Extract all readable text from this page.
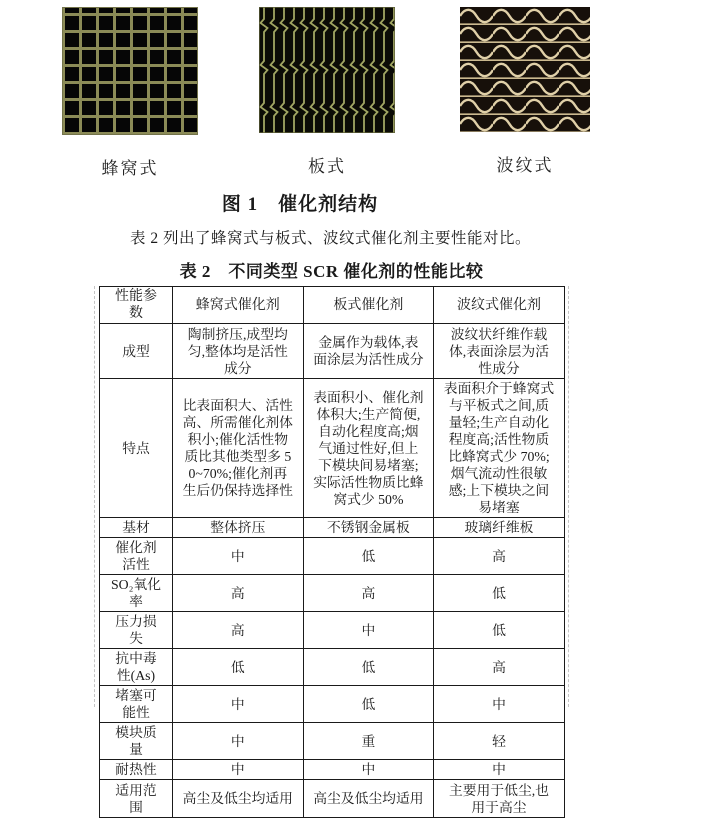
蜂窝式	板式	波纹式
图 1　催化剂结构

表 2 列出了蜂窝式与板式、波纹式催化剂主要性能对比。

表 2　不同类型 SCR 催化剂的性能比较
性能参数	蜂窝式催化剂	板式催化剂	波纹式催化剂
成型	陶制挤压,成型均匀,整体均是活性成分	金属作为载体,表面涂层为活性成分	波纹状纤维作载体,表面涂层为活性成分
特点	比表面积大、活性高、所需催化剂体积小;催化活性物质比其他类型多 50~70%;催化剂再生后仍保持选择性	表面积小、催化剂体积大;生产简便,自动化程度高;烟气通过性好,但上下模块间易堵塞;实际活性物质比蜂窝式少 50%	表面积介于蜂窝式与平板式之间,质量轻;生产自动化程度高;活性物质比蜂窝式少 70%;烟气流动性很敏感;上下模块之间易堵塞
基材	整体挤压	不锈钢金属板	玻璃纤维板
催化剂活性	中	低	高
SO₂氧化率	高	高	低
压力损失	高	中	低
抗中毒性(As)	低	低	高
堵塞可能性	中	低	中
模块质量	中	重	轻
耐热性	中	中	中
适用范围	高尘及低尘均适用	高尘及低尘均适用	主要用于低尘,也用于高尘
